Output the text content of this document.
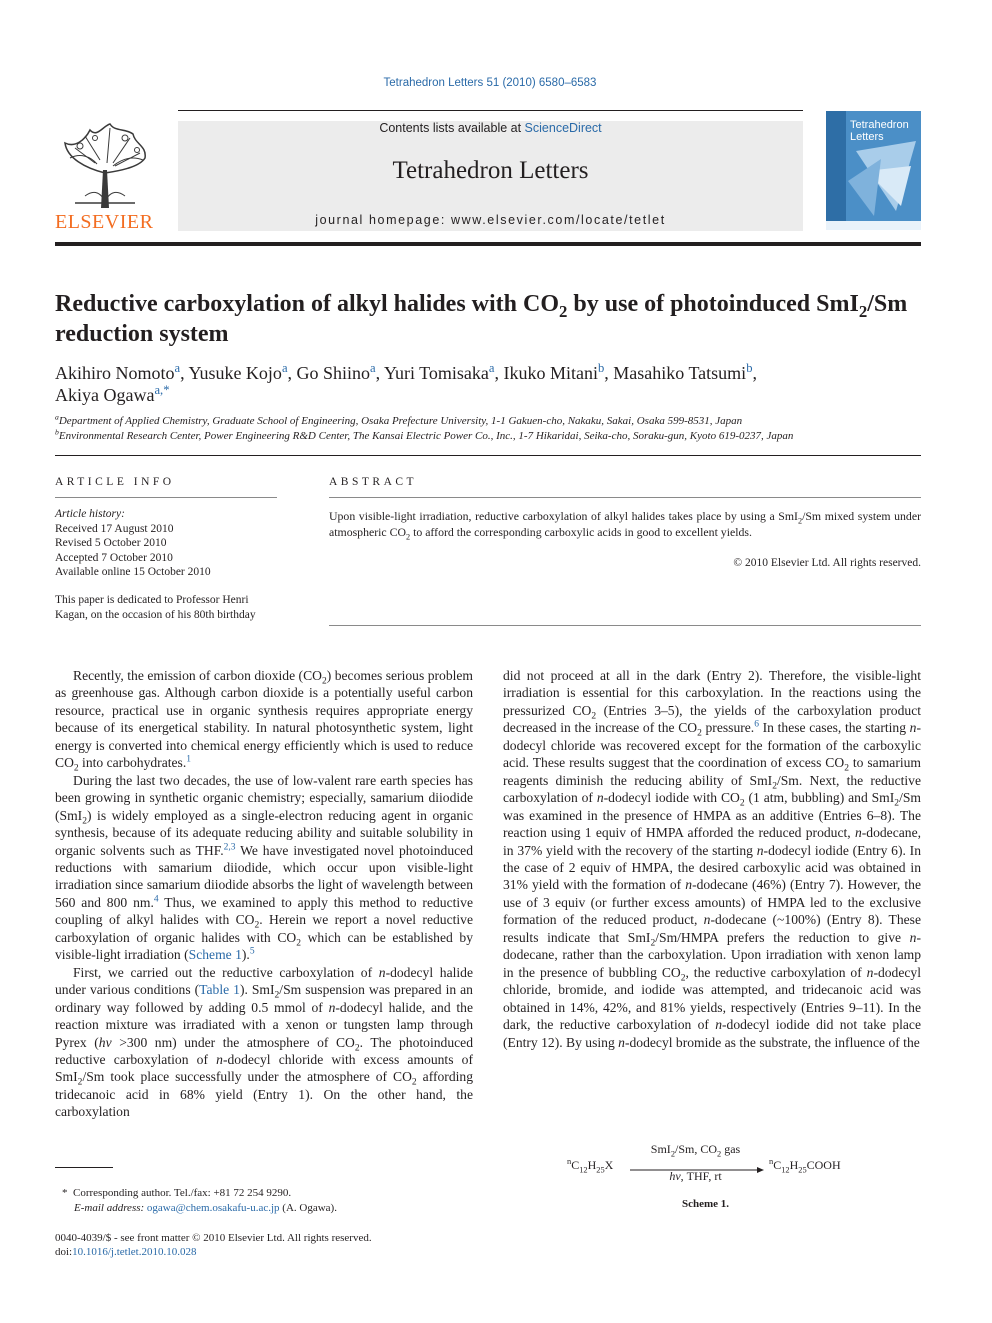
Tetrahedron Letters 51 (2010) 6580–6583
ELSEVIER
Contents lists available at ScienceDirect
Tetrahedron Letters
journal homepage: www.elsevier.com/locate/tetlet
Tetrahedron
Letters
Reductive carboxylation of alkyl halides with $CO_2$ by use of photoinduced SmI$_2$/Sm reduction system
Akihiro Nomoto$^a$, Yusuke Kojo$^a$, Go Shiino$^a$, Yuri Tomisaka$^a$, Ikuko Mitani$^b$, Masahiko Tatsumi$^b$,
Akiya Ogawa$^{a,*}$
$^a$Department of Applied Chemistry, Graduate School of Engineering, Osaka Prefecture University, 1-1 Gakuen-cho, Nakaku, Sakai, Osaka 599-8531, Japan
$^b$Environmental Research Center, Power Engineering R&D Center, The Kansai Electric Power Co., Inc., 1-7 Hikaridai, Seika-cho, Soraku-gun, Kyoto 619-0237, Japan
ARTICLE INFO
Article history:
Received 17 August 2010
Revised 5 October 2010
Accepted 7 October 2010
Available online 15 October 2010
This paper is dedicated to Professor Henri
Kagan, on the occasion of his 80th birthday
ABSTRACT
Upon visible-light irradiation, reductive carboxylation of alkyl halides takes place by using a SmI$_2$/Sm mixed system under atmospheric $CO_2$ to afford the corresponding carboxylic acids in good to excellent yields.
© 2010 Elsevier Ltd. All rights reserved.

Recently, the emission of carbon dioxide $(CO_2)$ becomes serious problem as greenhouse gas. Although carbon dioxide is a potentially useful carbon resource, practical use in organic synthesis requires appropriate energy because of its energetical stability. In natural photosynthetic system, light energy is converted into chemical energy efficiently which is used to reduce $CO_2$ into carbohydrates.$^1$

During the last two decades, the use of low-valent rare earth species has been growing in synthetic organic chemistry; especially, samarium diiodide (SmI$_2$) is widely employed as a single-electron reducing agent in organic synthesis, because of its adequate reducing ability and suitable solubility in organic solvents such as THF.$^{2,3}$ We have investigated novel photoinduced reductions with samarium diiodide, which occur upon visible-light irradiation since samarium diiodide absorbs the light of wavelength between 560 and 800 nm.$^4$ Thus, we examined to apply this method to reductive coupling of alkyl halides with $CO_2$. Herein we report a novel reductive carboxylation of organic halides with $CO_2$ which can be established by visible-light irradiation (Scheme 1).$^5$

First, we carried out the reductive carboxylation of n-dodecyl halide under various conditions (Table 1). SmI$_2$/Sm suspension was prepared in an ordinary way followed by adding 0.5 mmol of n-dodecyl halide, and the reaction mixture was irradiated with a xenon or tungsten lamp through Pyrex (hν >300 nm) under the atmosphere of $CO_2$. The photoinduced reductive carboxylation of n-dodecyl chloride with excess amounts of SmI$_2$/Sm took place successfully under the atmosphere of $CO_2$ affording tridecanoic acid in 68% yield (Entry 1). On the other hand, the carboxylation

did not proceed at all in the dark (Entry 2). Therefore, the visible-light irradiation is essential for this carboxylation. In the reactions using the pressurized $CO_2$ (Entries 3–5), the yields of the carboxylation product decreased in the increase of the $CO_2$ pressure.$^6$ In these cases, the starting n-dodecyl chloride was recovered except for the formation of the carboxylic acid. These results suggest that the coordination of excess $CO_2$ to samarium reagents diminish the reducing ability of SmI$_2$/Sm. Next, the reductive carboxylation of n-dodecyl iodide with $CO_2$ (1 atm, bubbling) and SmI$_2$/Sm was examined in the presence of HMPA as an additive (Entries 6–8). The reaction using 1 equiv of HMPA afforded the reduced product, n-dodecane, in 37% yield with the recovery of the starting n-dodecyl iodide (Entry 6). In the case of 2 equiv of HMPA, the desired carboxylic acid was obtained in 31% yield with the formation of n-dodecane (46%) (Entry 7). However, the use of 3 equiv (or further excess amounts) of HMPA led to the exclusive formation of the reduced product, n-dodecane (~100%) (Entry 8). These results indicate that SmI$_2$/Sm/HMPA prefers the reduction to give n-dodecane, rather than the carboxylation. Upon irradiation with xenon lamp in the presence of bubbling $CO_2$, the reductive carboxylation of n-dodecyl chloride, bromide, and iodide was attempted, and tridecanoic acid was obtained in 14%, 42%, and 81% yields, respectively (Entries 9–11). In the dark, the reductive carboxylation of n-dodecyl iodide did not take place (Entry 12). By using n-dodecyl bromide as the substrate, the influence of the

$^nC_{12}H_{25}X$
SmI$_2$/Sm, $CO_2$ gas
hν, THF, rt
$^nC_{12}H_{25}COOH$
Scheme 1.
*  Corresponding author. Tel./fax: +81 72 254 9290.
E-mail address: ogawa@chem.osakafu-u.ac.jp (A. Ogawa).
0040-4039/$ - see front matter © 2010 Elsevier Ltd. All rights reserved.
doi:10.1016/j.tetlet.2010.10.028
